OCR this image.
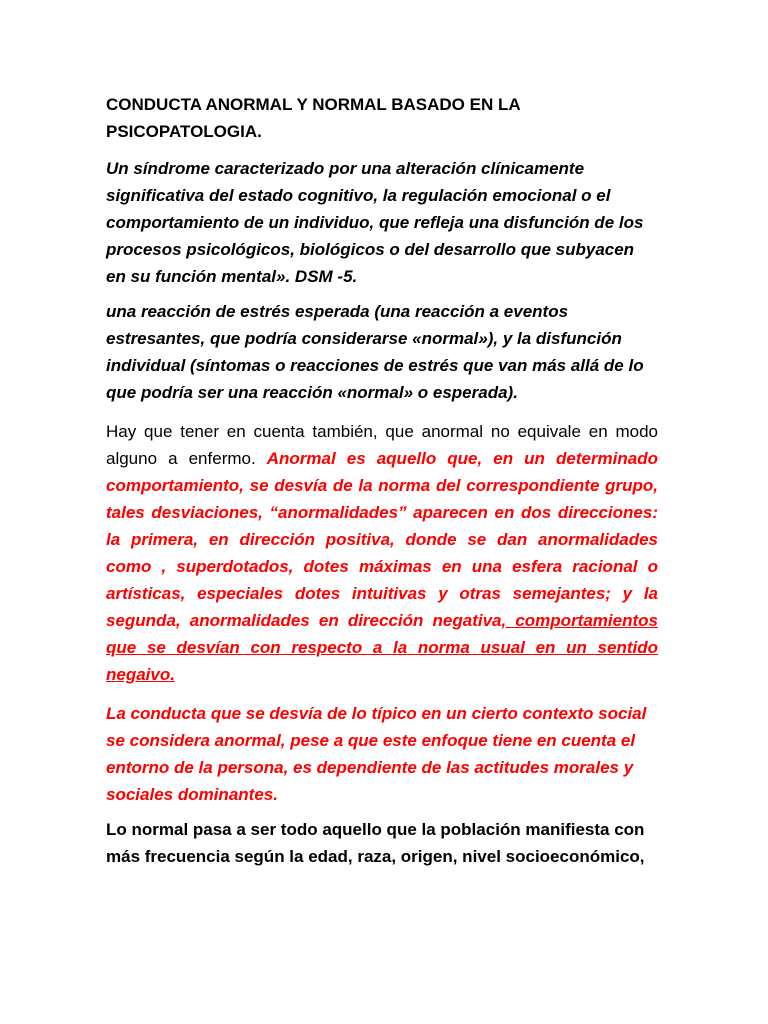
CONDUCTA ANORMAL Y NORMAL BASADO EN LA PSICOPATOLOGIA.

Un síndrome caracterizado por una alteración clínicamente significativa del estado cognitivo, la regulación emocional o el comportamiento de un individuo, que refleja una disfunción de los procesos psicológicos, biológicos o del desarrollo que subyacen en su función mental». DSM -5.

una reacción de estrés esperada (una reacción a eventos estresantes, que podría considerarse «normal»), y la disfunción individual (síntomas o reacciones de estrés que van más allá de lo que podría ser una reacción «normal» o esperada).

Hay que tener en cuenta también, que anormal no equivale en modo alguno a enfermo. Anormal es aquello que, en un determinado comportamiento, se desvía de la norma del correspondiente grupo, tales desviaciones, “anormalidades” aparecen en dos direcciones: la primera, en dirección positiva, donde se dan anormalidades como , superdotados, dotes máximas en una esfera racional o artísticas, especiales dotes intuitivas y otras semejantes; y la segunda, anormalidades en dirección negativa, comportamientos que se desvían con respecto a la norma usual en un sentido negaivo.

La conducta que se desvía de lo típico en un cierto contexto social se considera anormal, pese a que este enfoque tiene en cuenta el entorno de la persona, es dependiente de las actitudes morales y sociales dominantes.

Lo normal pasa a ser todo aquello que la población manifiesta con más frecuencia según la edad, raza, origen, nivel socioeconómico,
